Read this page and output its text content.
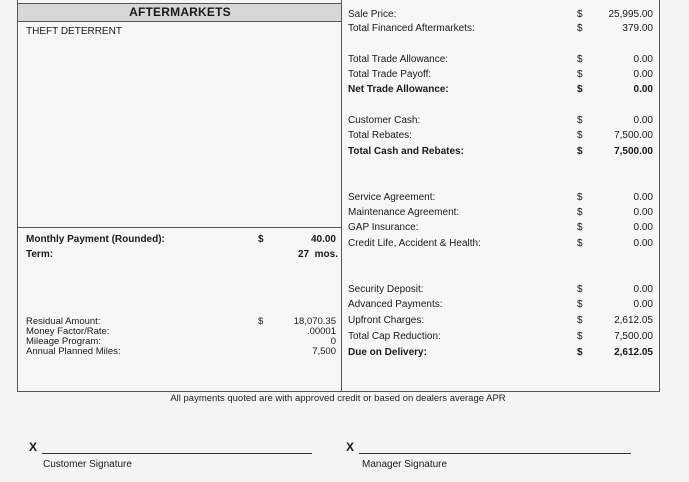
AFTERMARKETS
THEFT DETERRENT
Monthly Payment (Rounded):	$	40.00
Term:	27  mos.
Residual Amount:	$	18,070.35
Money Factor/Rate:	.00001
Mileage Program:	0
Annual Planned Miles:	7,500
Sale Price:	$	25,995.00
Total Financed Aftermarkets:	$	379.00
Total Trade Allowance:	$	0.00
Total Trade Payoff:	$	0.00
Net Trade Allowance:	$	0.00
Customer Cash:	$	0.00
Total Rebates:	$	7,500.00
Total Cash and Rebates:	$	7,500.00
Service Agreement:	$	0.00
Maintenance Agreement:	$	0.00
GAP Insurance:	$	0.00
Credit Life, Accident & Health:	$	0.00
Security Deposit:	$	0.00
Advanced Payments:	$	0.00
Upfront Charges:	$	2,612.05
Total Cap Reduction:	$	7,500.00
Due on Delivery:	$	2,612.05
All payments quoted are with approved credit or based on dealers average APR
X
Customer Signature
X
Manager Signature
